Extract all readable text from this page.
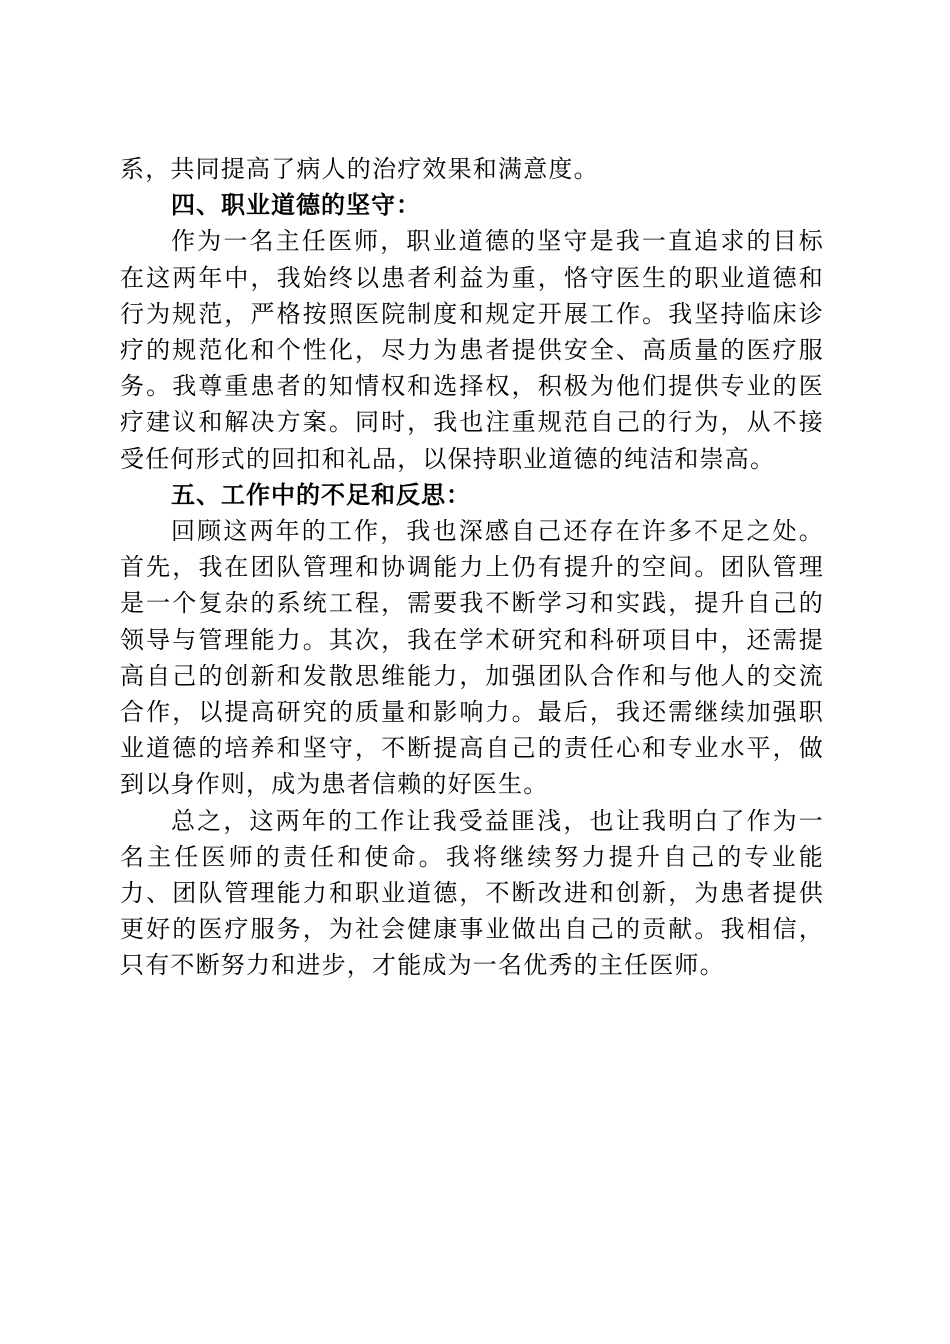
系，共同提高了病人的治疗效果和满意度。

四、职业道德的坚守：

作为一名主任医师，职业道德的坚守是我一直追求的目标在这两年中，我始终以患者利益为重，恪守医生的职业道德和行为规范，严格按照医院制度和规定开展工作。我坚持临床诊疗的规范化和个性化，尽力为患者提供安全、高质量的医疗服务。我尊重患者的知情权和选择权，积极为他们提供专业的医疗建议和解决方案。同时，我也注重规范自己的行为，从不接受任何形式的回扣和礼品，以保持职业道德的纯洁和崇高。

五、工作中的不足和反思：

回顾这两年的工作，我也深感自己还存在许多不足之处。首先，我在团队管理和协调能力上仍有提升的空间。团队管理是一个复杂的系统工程，需要我不断学习和实践，提升自己的领导与管理能力。其次，我在学术研究和科研项目中，还需提高自己的创新和发散思维能力，加强团队合作和与他人的交流合作，以提高研究的质量和影响力。最后，我还需继续加强职业道德的培养和坚守，不断提高自己的责任心和专业水平，做到以身作则，成为患者信赖的好医生。

总之，这两年的工作让我受益匪浅，也让我明白了作为一名主任医师的责任和使命。我将继续努力提升自己的专业能力、团队管理能力和职业道德，不断改进和创新，为患者提供更好的医疗服务，为社会健康事业做出自己的贡献。我相信，只有不断努力和进步，才能成为一名优秀的主任医师。
